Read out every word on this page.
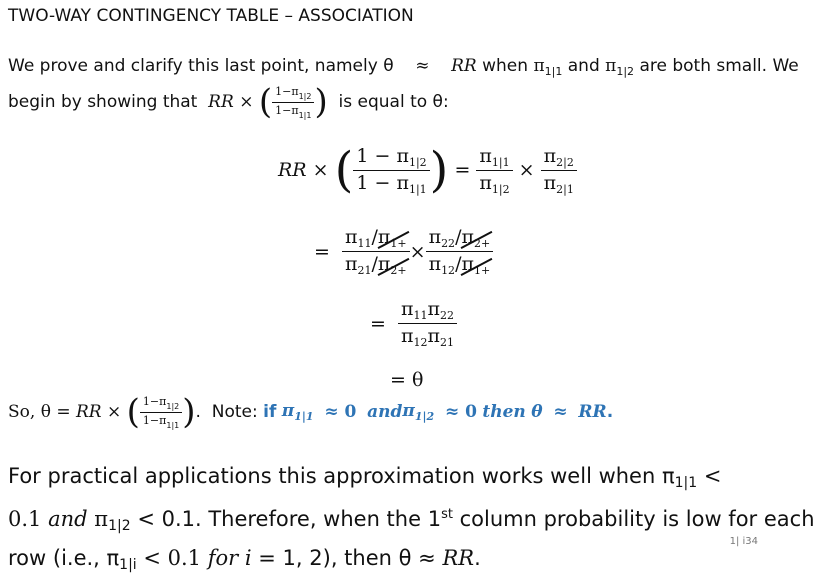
TWO-WAY CONTINGENCY TABLE – ASSOCIATION
We prove and clarify this last point, namely θ ≈ RR when $\pi_{1|1}$ and $\pi_{1|2}$ are both small. We
begin by showing that
RR
×
( $\frac{1-\pi_{1|2}}{1-\pi_{1|1}}$ )
is equal to θ:
RR
×
( $\frac{1 - \pi_{1|2}}{1 - \pi_{1|1}}$ )
=
$\frac{\pi_{1|1}}{\pi_{1|2}}$
×
$\frac{\pi_{2|2}}{\pi_{2|1}}$
=
$\frac{\pi_{11}/\pi_{1+}}{\pi_{21}/\pi_{2+}} \times \frac{\pi_{22}/\pi_{2+}}{\pi_{12}/\pi_{1+}}$
=
$\frac{\pi_{11}\pi_{22}}{\pi_{12}\pi_{21}}$
= θ
So, θ =
RR
×
( $\frac{1-\pi_{1|2}}{1-\pi_{1|1}}$ ) . Note:
if
$\pi_{1|1}$
≈ 0
and $\pi_{1|2}$
≈ 0
then
θ
≈
RR .
For practical applications this approximation works well when $\pi_{1|1}$ <
0.1 and $\pi_{1|2} < 0.1$. Therefore, when the 1st column probability is low for each
row (i.e., $\pi_{1|i} < 0.1$ for i = 1, 2), then θ ≈ RR.
1| i34
